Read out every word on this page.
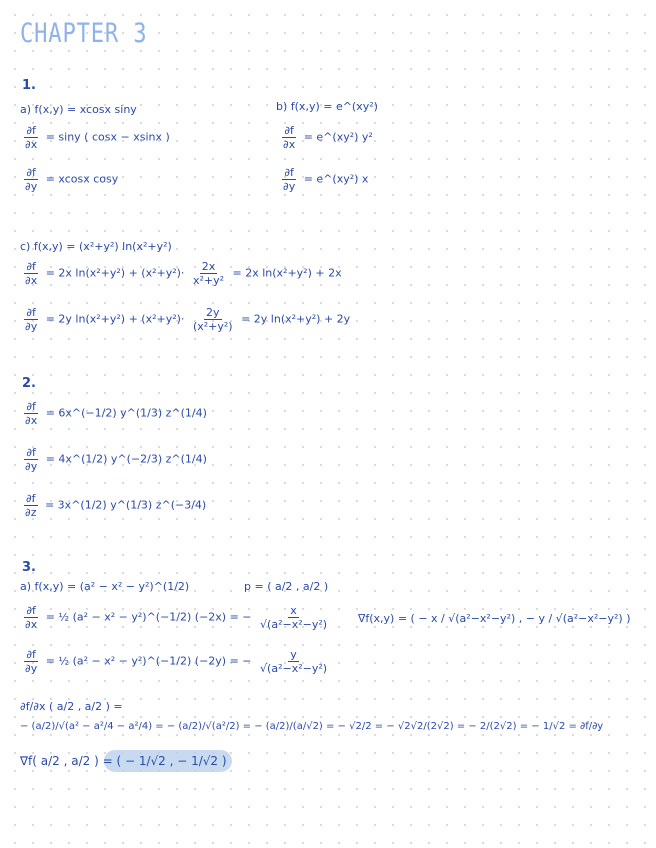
CHAPTER 3
1.
a) f(x,y) = xcosx siny
$\frac{\partial f}{\partial x} = \sin y$ ( cosx − xsinx )
$\frac{\partial f}{\partial y} = xcosx$ cosy
b) f(x,y) = e^(xy²)
$\frac{\partial f}{\partial x}$ = e^(xy²) y²
$\frac{\partial f}{\partial y}$ = e^(xy²) x
c) f(x,y) = (x²+y²) ln(x²+y²)
$\frac{\partial f}{\partial x} = 2x$ $\ln(x^2+y^2) + (x^2+y^2)\cdot \frac{2x}{\text{x²+y²}} = 2x$ ln(x²+y²) + 2x
$\frac{\partial f}{\partial y} = 2y$ $\ln(x^2+y^2) + (x^2+y^2)\cdot \frac{2y}{\text{(x²+y²)}} = 2y$ ln(x²+y²) + 2y
2.
$\frac{\partial f}{\partial x}$ = 6x^(−1/2) y^(1/3) z^(1/4)
$\frac{\partial f}{\partial y}$ = 4x^(1/2) y^(−2/3) z^(1/4)
$\frac{\partial f}{\partial z}$ = 3x^(1/2) y^(1/3) z^(−3/4)
3.
a) f(x,y) = (a² − x² − y²)^(1/2)	p = ( a/2 , a/2 )
$\frac{\partial f}{\partial x}$ = ½ (a² − x² − y²)^(−1/2) (−2x) = − $\frac{x}{\text{√(a²−x²−y²)}}$	∇f(x,y) = ( − x / √(a²−x²−y²) , − y / √(a²−x²−y²) )
$\frac{\partial f}{\partial y}$ = ½ (a² − x² − y²)^(−1/2) (−2y) = − $\frac{y}{\text{√(a²−x²−y²)}}$
∂f/∂x ( a/2 , a/2 ) =
− (a/2)/√(a² − a²/4 − a²/4) = − (a/2)/√(a²/2) = − (a/2)/(a/√2) = − √2/2 = − √2√2/(2√2) = − 2/(2√2) = − 1/√2 = ∂f/∂y
∇f( a/2 , a/2 ) = ( − 1/√2 , − 1/√2 )
